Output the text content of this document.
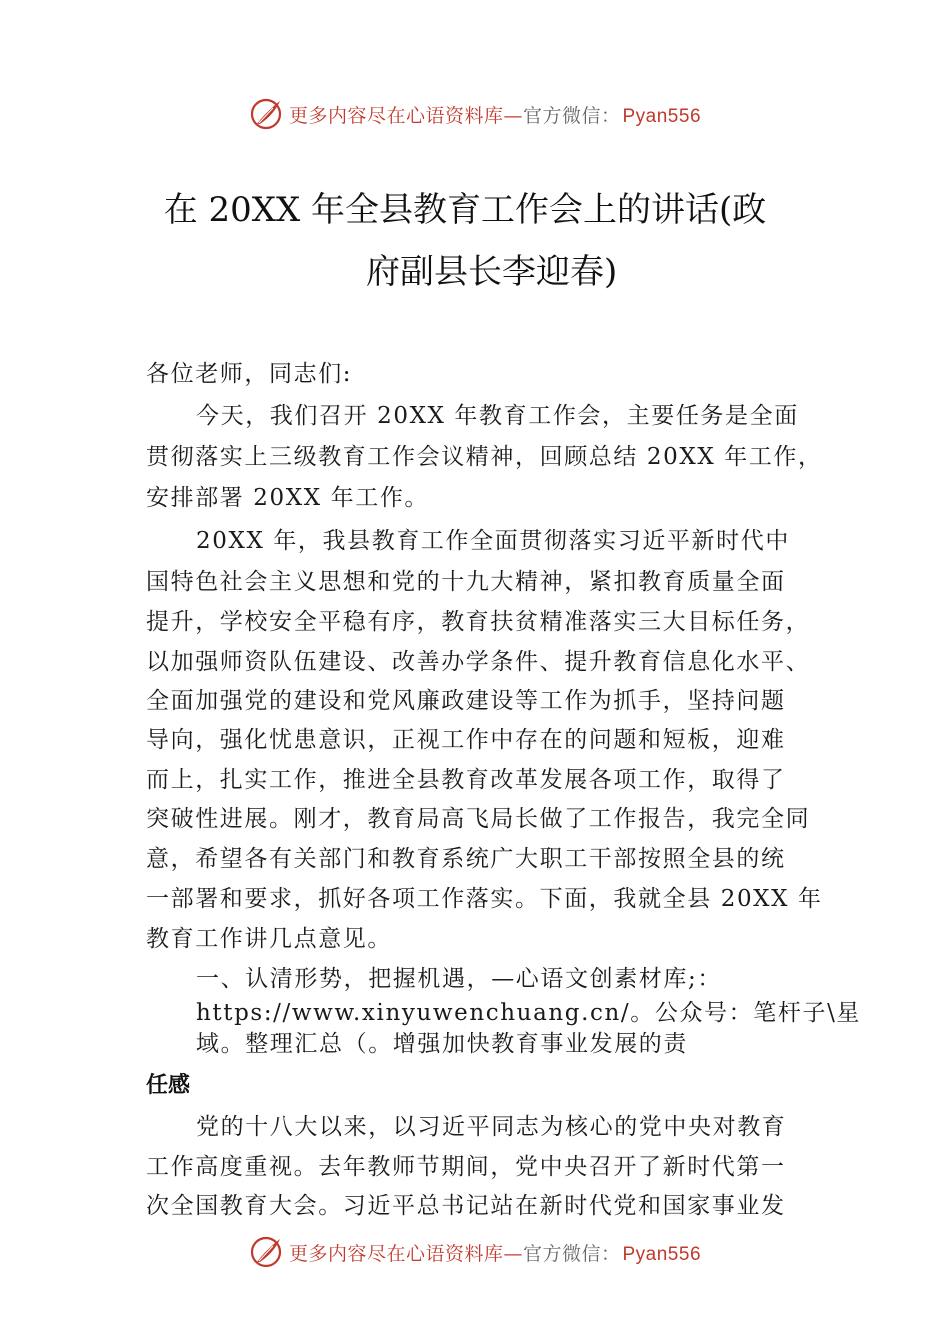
更多内容尽在心语资料库—官方微信： Pyan556
在 20XX 年全县教育工作会上的讲话(政
府副县长李迎春)
各位老师，同志们:
今天，我们召开 20XX 年教育工作会，主要任务是全面
贯彻落实上三级教育工作会议精神，回顾总结 20XX 年工作，
安排部署 20XX 年工作。
20XX 年，我县教育工作全面贯彻落实习近平新时代中
国特色社会主义思想和党的十九大精神，紧扣教育质量全面
提升，学校安全平稳有序，教育扶贫精准落实三大目标任务，
以加强师资队伍建设、改善办学条件、提升教育信息化水平、
全面加强党的建设和党风廉政建设等工作为抓手，坚持问题
导向，强化忧患意识，正视工作中存在的问题和短板，迎难
而上，扎实工作，推进全县教育改革发展各项工作，取得了
突破性进展。刚才，教育局高飞局长做了工作报告，我完全同
意，希望各有关部门和教育系统广大职工干部按照全县的统
一部署和要求，抓好各项工作落实。下面，我就全县 20XX 年
教育工作讲几点意见。
一、认清形势，把握机遇，—心语文创素材库;：
https://www.xinyuwenchuang.cn/。公众号：笔杆子\星
域。整理汇总（。增强加快教育事业发展的责
任感
党的十八大以来，以习近平同志为核心的党中央对教育
工作高度重视。去年教师节期间，党中央召开了新时代第一
次全国教育大会。习近平总书记站在新时代党和国家事业发
更多内容尽在心语资料库—官方微信： Pyan556
